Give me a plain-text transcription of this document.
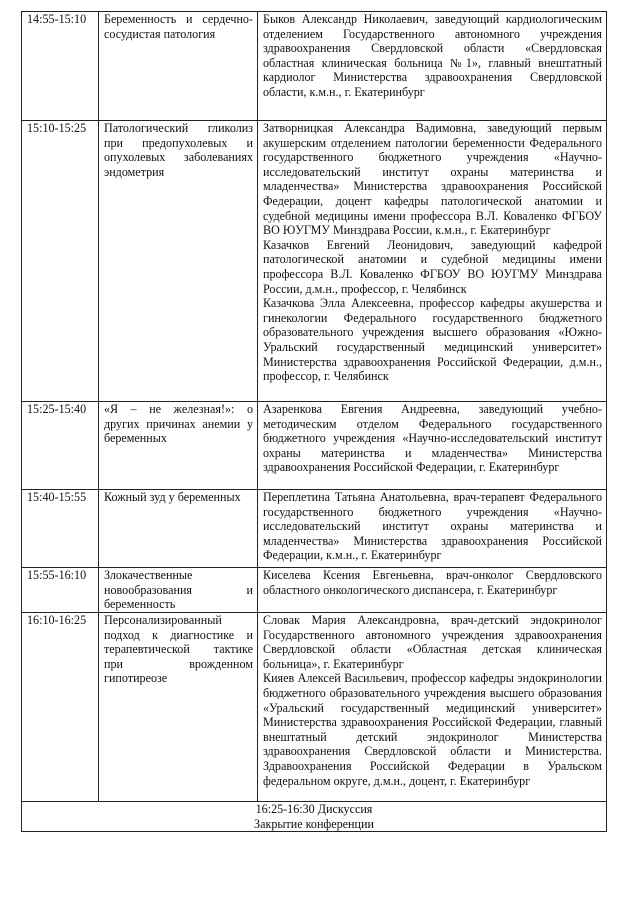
14:55-15:10	Беременность и сердечно-сосудистая патология	Быков Александр Николаевич, заведующий кардиологическим отделением Государственного автономного учреждения здравоохранения Свердловской области «Свердловская областная клиническая больница №1», главный внештатный кардиолог Министерства здравоохранения Свердловской области, к.м.н., г. Екатеринбург

15:10-15:25	Патологический гликолиз при предопухолевых и опухолевых заболеваниях эндометрия	Затворницкая Александра Вадимовна, заведующий первым акушерским отделением патологии беременности Федерального государственного бюджетного учреждения «Научно-исследовательский институт охраны материнства и младенчества» Министерства здравоохранения Российской Федерации, доцент кафедры патологической анатомии и судебной медицины имени профессора В.Л. Коваленко ФГБОУ ВО ЮУГМУ Минздрава России, к.м.н., г. Екатеринбург

Казачков Евгений Леонидович, заведующий кафедрой патологической анатомии и судебной медицины имени профессора В.Л. Коваленко ФГБОУ ВО ЮУГМУ Минздрава России, д.м.н., профессор, г. Челябинск

Казачкова Элла Алексеевна, профессор кафедры акушерства и гинекологии Федерального государственного бюджетного образовательного учреждения высшего образования «Южно-Уральский государственный медицинский университет» Министерства здравоохранения Российской Федерации, д.м.н., профессор, г. Челябинск

15:25-15:40	«Я – не железная!»: о других причинах анемии у беременных	Азаренкова Евгения Андреевна, заведующий учебно-методическим отделом Федерального государственного бюджетного учреждения «Научно-исследовательский институт охраны материнства и младенчества» Министерства здравоохранения Российской Федерации, г. Екатеринбург

15:40-15:55	Кожный зуд у беременных	Переплетина Татьяна Анатольевна, врач-терапевт Федерального государственного бюджетного учреждения «Научно-исследовательский институт охраны материнства и младенчества» Министерства здравоохранения Российской Федерации, к.м.н., г. Екатеринбург

15:55-16:10	Злокачественные новообразования и беременность	Киселева Ксения Евгеньевна, врач-онколог Свердловского областного онкологического диспансера, г. Екатеринбург

16:10-16:25	Персонализированный подход к диагностике и терапевтической тактике при врожденном гипотиреозе	Словак Мария Александровна, врач-детский эндокринолог Государственного автономного учреждения здравоохранения Свердловской области «Областная детская клиническая больница», г. Екатеринбург

Кияев Алексей Васильевич, профессор кафедры эндокринологии бюджетного образовательного учреждения высшего образования «Уральский государственный медицинский университет» Министерства здравоохранения Российской Федерации, главный внештатный детский эндокринолог Министерства здравоохранения Свердловской области и Министерства. Здравоохранения Российской Федерации в Уральском федеральном округе, д.м.н., доцент, г. Екатеринбург

16:25-16:30 Дискуссия
Закрытие конференции		
